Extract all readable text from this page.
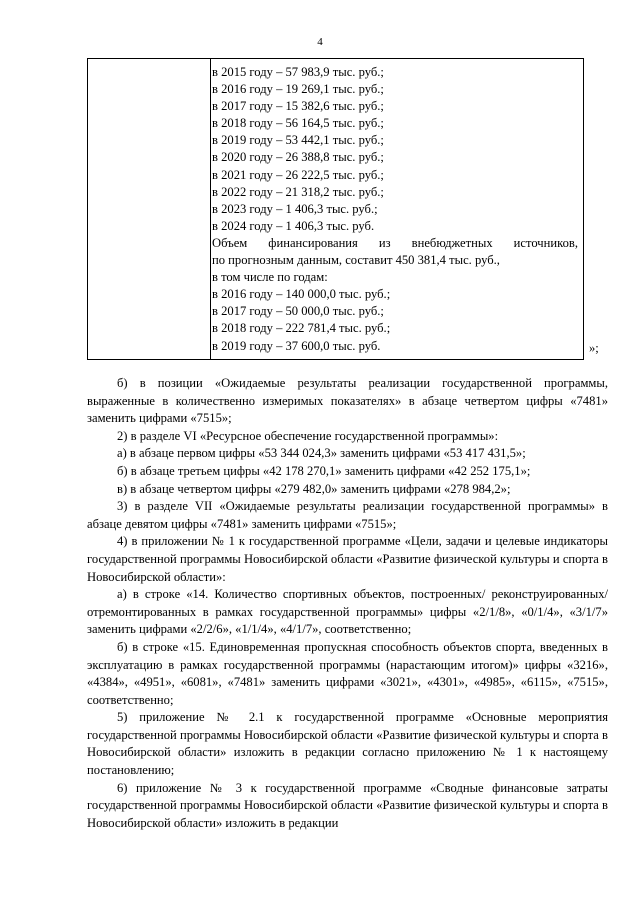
4
в 2015 году – 57 983,9 тыс. руб.;
в 2016 году – 19 269,1 тыс. руб.;
в 2017 году – 15 382,6 тыс. руб.;
в 2018 году – 56 164,5 тыс. руб.;
в 2019 году – 53 442,1 тыс. руб.;
в 2020 году – 26 388,8 тыс. руб.;
в 2021 году – 26 222,5 тыс. руб.;
в 2022 году – 21 318,2 тыс. руб.;
в 2023 году – 1 406,3 тыс. руб.;
в 2024 году – 1 406,3 тыс. руб.
Объем финансирования из внебюджетных источников,
по прогнозным данным, составит 450 381,4 тыс. руб.,
в том числе по годам:
в 2016 году – 140 000,0 тыс. руб.;
в 2017 году – 50 000,0 тыс. руб.;
в 2018 году – 222 781,4 тыс. руб.;
в 2019 году – 37 600,0 тыс. руб.	»;

б) в позиции «Ожидаемые результаты реализации государственной программы, выраженные в количественно измеримых показателях» в абзаце четвертом цифры «7481» заменить цифрами «7515»;

2) в разделе VI «Ресурсное обеспечение государственной программы»:

а) в абзаце первом цифры «53 344 024,3» заменить цифрами «53 417 431,5»;

б) в абзаце третьем цифры «42 178 270,1» заменить цифрами «42 252 175,1»;

в) в абзаце четвертом цифры «279 482,0» заменить цифрами «278 984,2»;

3) в разделе VII «Ожидаемые результаты реализации государственной программы» в абзаце девятом цифры «7481» заменить цифрами «7515»;

4) в приложении № 1 к государственной программе «Цели, задачи и целевые индикаторы государственной программы Новосибирской области «Развитие физической культуры и спорта в Новосибирской области»:

а) в строке «14. Количество спортивных объектов, построенных/ реконструированных/отремонтированных в рамках государственной программы» цифры «2/1/8», «0/1/4», «3/1/7» заменить цифрами «2/2/6», «1/1/4», «4/1/7», соответственно;

б) в строке «15. Единовременная пропускная способность объектов спорта, введенных в эксплуатацию в рамках государственной программы (нарастающим итогом)» цифры «3216», «4384», «4951», «6081», «7481» заменить цифрами «3021», «4301», «4985», «6115», «7515», соответственно;

5) приложение № 2.1 к государственной программе «Основные мероприятия государственной программы Новосибирской области «Развитие физической культуры и спорта в Новосибирской области» изложить в редакции согласно приложению № 1 к настоящему постановлению;

6) приложение № 3 к государственной программе «Сводные финансовые затраты государственной программы Новосибирской области «Развитие физической культуры и спорта в Новосибирской области» изложить в редакции
